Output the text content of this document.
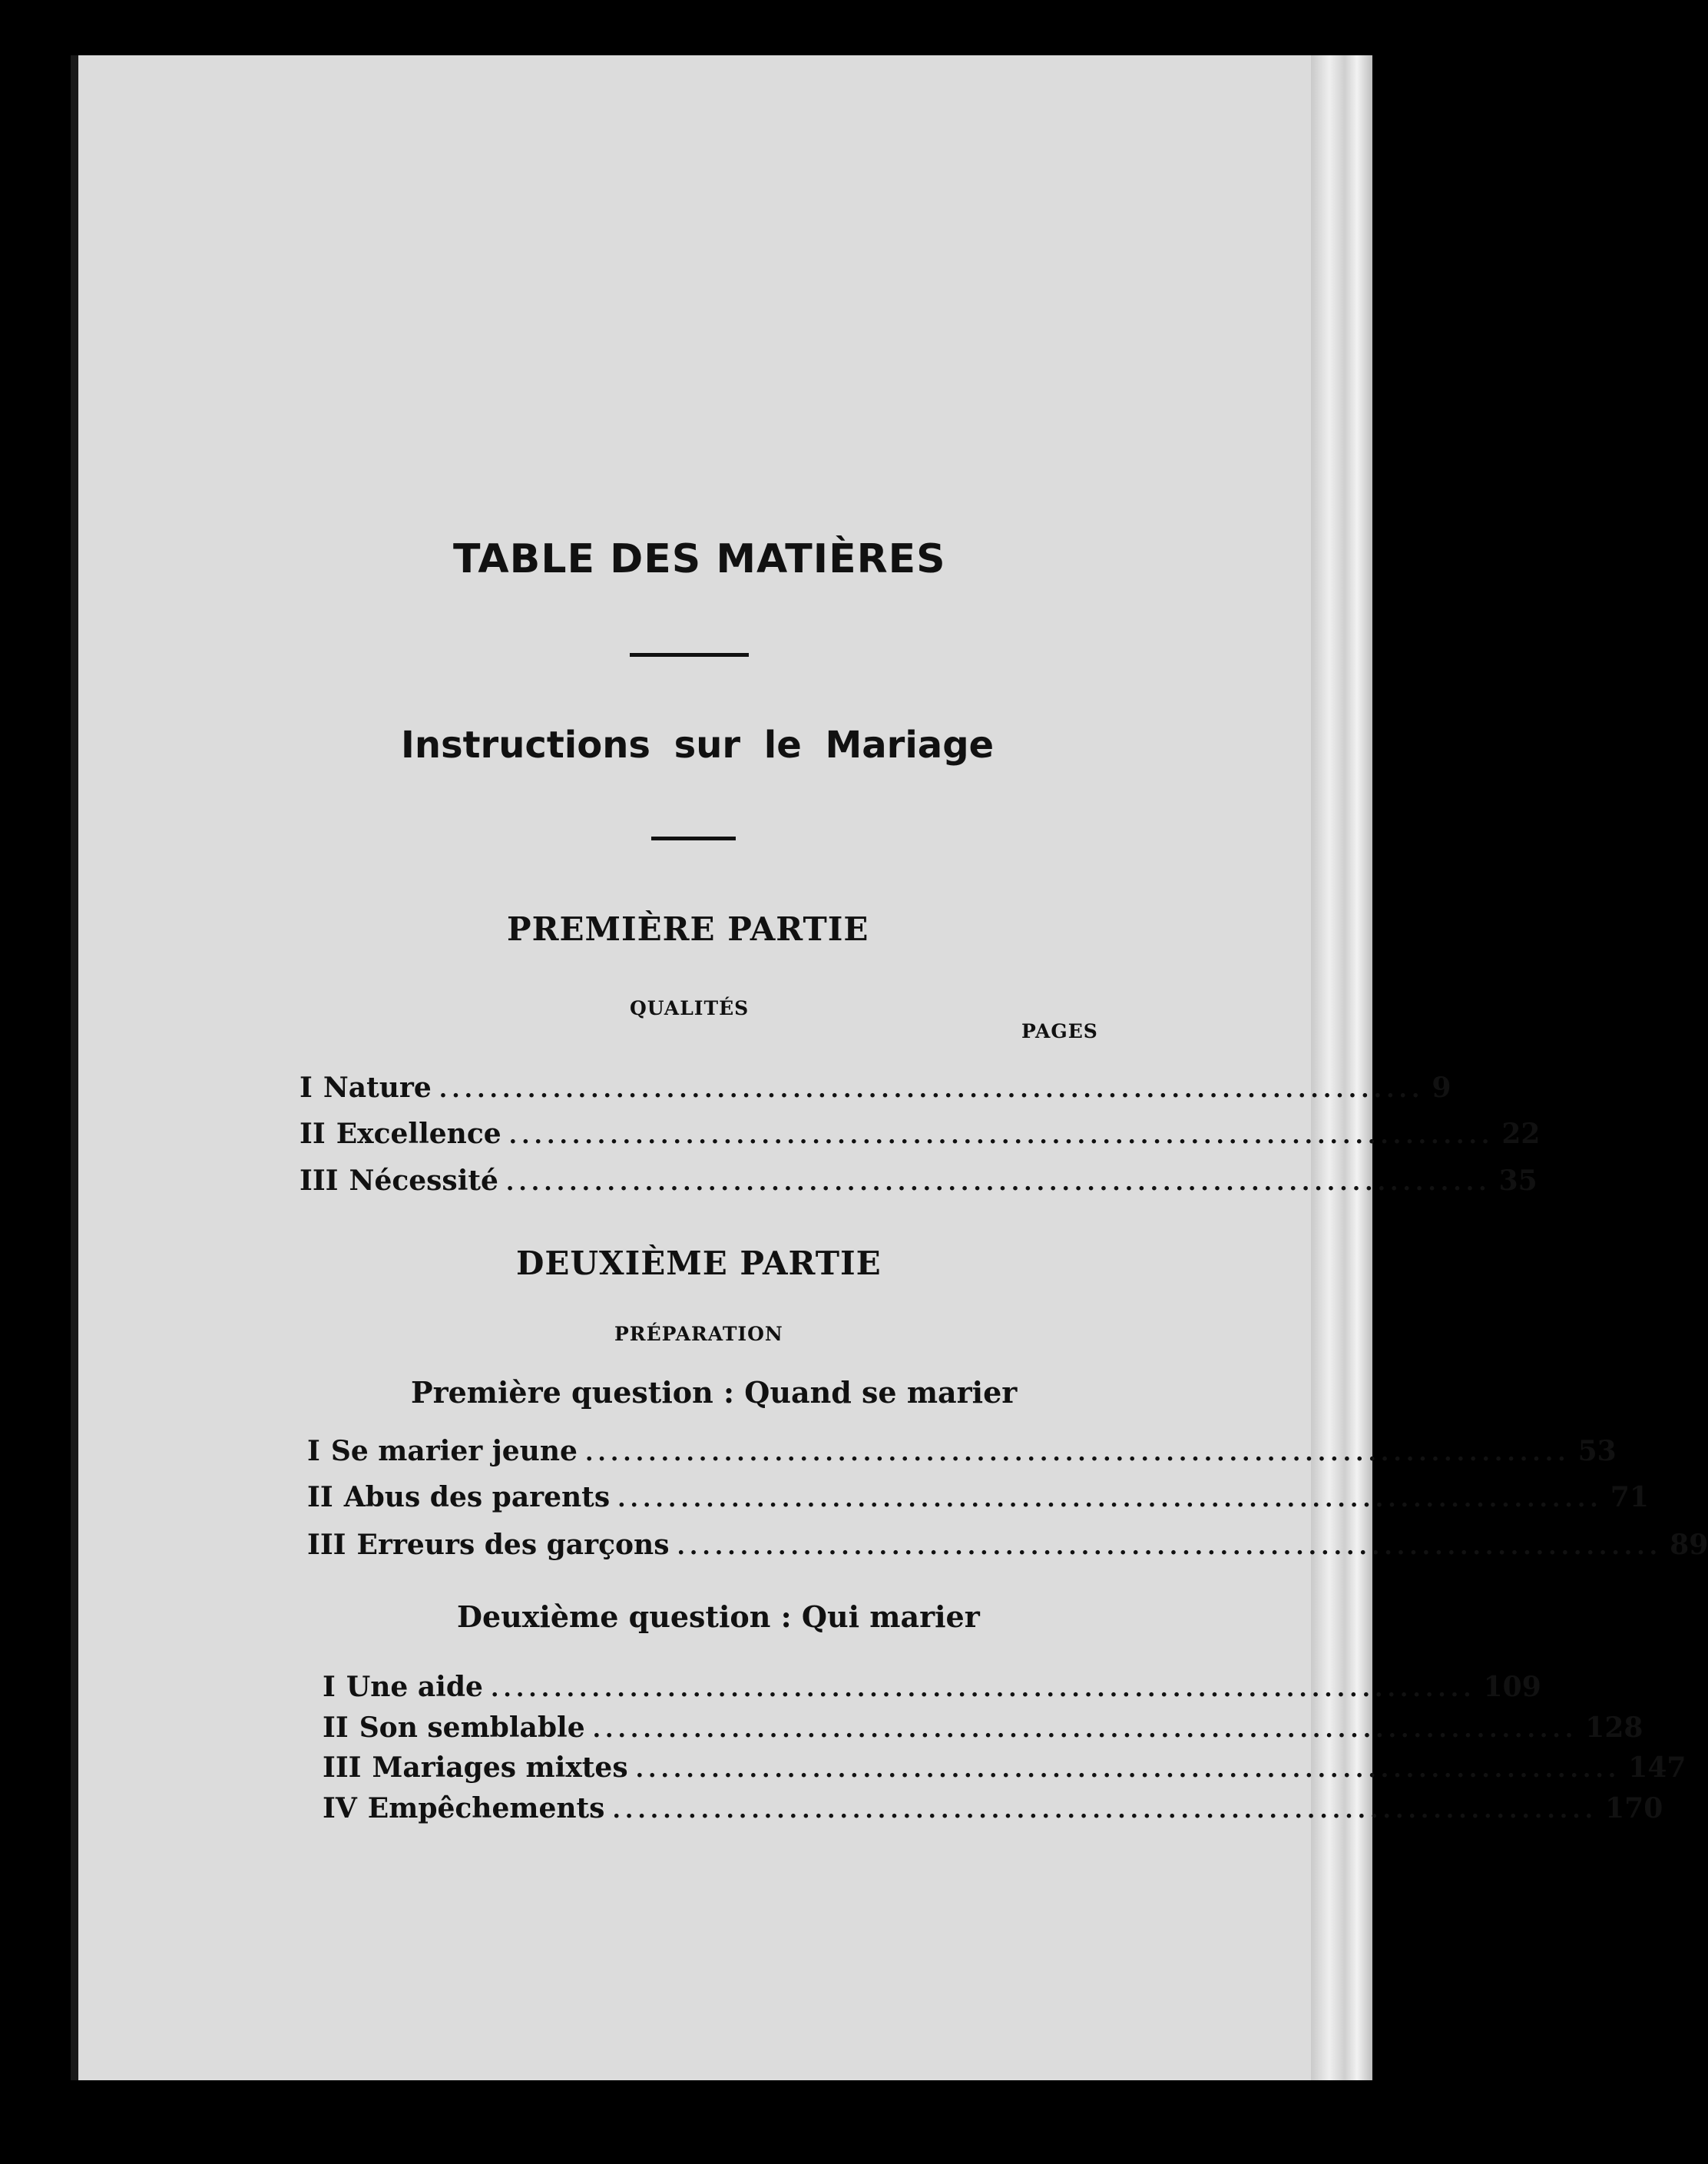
TABLE DES MATIÈRES
Instructions sur le Mariage
PREMIÈRE PARTIE
QUALITÉS
PAGES
I Nature .............................................................................. 9
II Excellence .............................................................................. 22
III Nécessité .............................................................................. 35
DEUXIÈME PARTIE
PRÉPARATION
Première question : Quand se marier
I Se marier jeune .............................................................................. 53
II Abus des parents .............................................................................. 71
III Erreurs des garçons .............................................................................. 89
Deuxième question : Qui marier
I Une aide .............................................................................. 109
II Son semblable .............................................................................. 128
III Mariages mixtes .............................................................................. 147
IV Empêchements .............................................................................. 170
